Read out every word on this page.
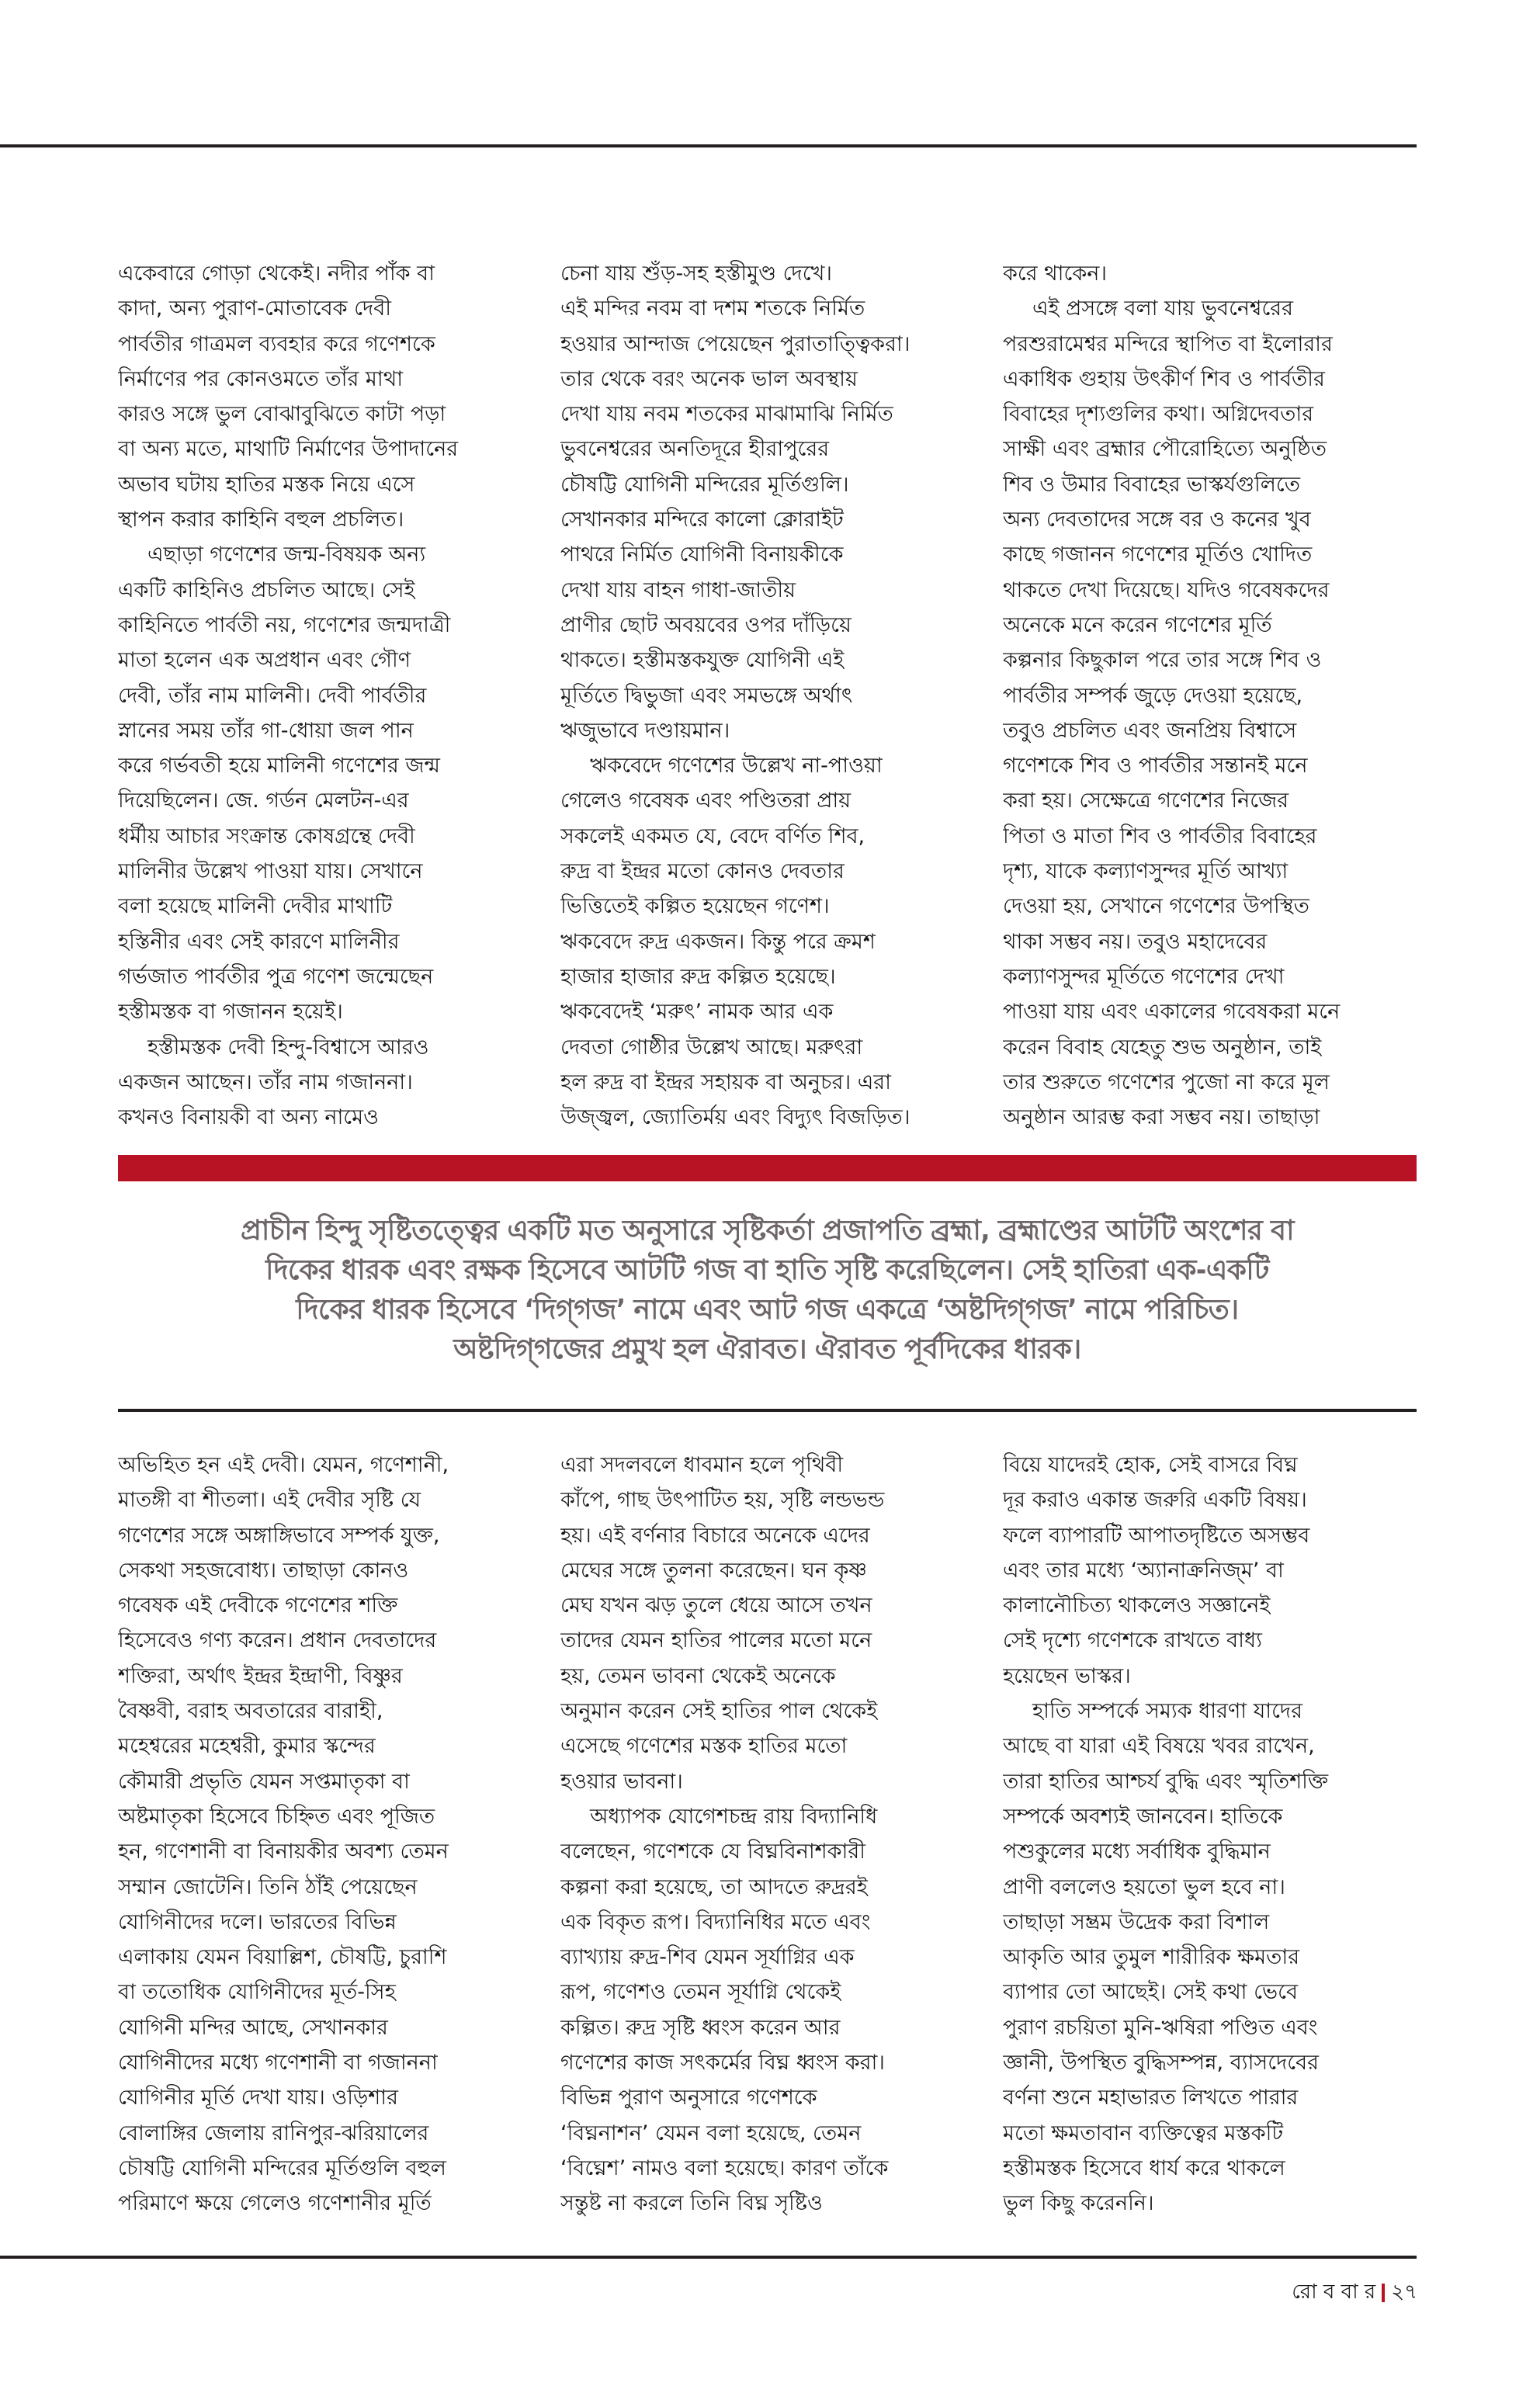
একেবারে গোড়া থেকেই। নদীর পাঁক বা
কাদা, অন্য পুরাণ-মোতাবেক দেবী
পার্বতীর গাত্রমল ব্যবহার করে গণেশকে
নির্মাণের পর কোনওমতে তাঁর মাথা
কারও সঙ্গে ভুল বোঝাবুঝিতে কাটা পড়া
বা অন্য মতে, মাথাটি নির্মাণের উপাদানের
অভাব ঘটায় হাতির মস্তক নিয়ে এসে
স্থাপন করার কাহিনি বহুল প্রচলিত।
এছাড়া গণেশের জন্ম-বিষয়ক অন্য
একটি কাহিনিও প্রচলিত আছে। সেই
কাহিনিতে পার্বতী নয়, গণেশের জন্মদাত্রী
মাতা হলেন এক অপ্রধান এবং গৌণ
দেবী, তাঁর নাম মালিনী। দেবী পার্বতীর
স্নানের সময় তাঁর গা-ধোয়া জল পান
করে গর্ভবতী হয়ে মালিনী গণেশের জন্ম
দিয়েছিলেন। জে. গর্ডন মেলটন-এর
ধর্মীয় আচার সংক্রান্ত কোষগ্রন্থে দেবী
মালিনীর উল্লেখ পাওয়া যায়। সেখানে
বলা হয়েছে মালিনী দেবীর মাথাটি
হস্তিনীর এবং সেই কারণে মালিনীর
গর্ভজাত পার্বতীর পুত্র গণেশ জন্মেছেন
হস্তীমস্তক বা গজানন হয়েই।
হস্তীমস্তক দেবী হিন্দু-বিশ্বাসে আরও
একজন আছেন। তাঁর নাম গজাননা।
কখনও বিনায়কী বা অন্য নামেও
চেনা যায় শুঁড়-সহ হস্তীমুণ্ড দেখে।
এই মন্দির নবম বা দশম শতকে নির্মিত
হওয়ার আন্দাজ পেয়েছেন পুরাতাত্ত্বিকরা।
তার থেকে বরং অনেক ভাল অবস্থায়
দেখা যায় নবম শতকের মাঝামাঝি নির্মিত
ভুবনেশ্বরের অনতিদূরে হীরাপুরের
চৌষট্টি যোগিনী মন্দিরের মূর্তিগুলি।
সেখানকার মন্দিরে কালো ক্লোরাইট
পাথরে নির্মিত যোগিনী বিনায়কীকে
দেখা যায় বাহন গাধা-জাতীয়
প্রাণীর ছোট অবয়বের ওপর দাঁড়িয়ে
থাকতে। হস্তীমস্তকযুক্ত যোগিনী এই
মূর্তিতে দ্বিভুজা এবং সমভঙ্গে অর্থাৎ
ঋজুভাবে দণ্ডায়মান।
ঋকবেদে গণেশের উল্লেখ না-পাওয়া
গেলেও গবেষক এবং পণ্ডিতরা প্রায়
সকলেই একমত যে, বেদে বর্ণিত শিব,
রুদ্র বা ইন্দ্রর মতো কোনও দেবতার
ভিত্তিতেই কল্পিত হয়েছেন গণেশ।
ঋকবেদে রুদ্র একজন। কিন্তু পরে ক্রমশ
হাজার হাজার রুদ্র কল্পিত হয়েছে।
ঋকবেদেই ‘মরুৎ’ নামক আর এক
দেবতা গোষ্ঠীর উল্লেখ আছে। মরুৎরা
হল রুদ্র বা ইন্দ্রর সহায়ক বা অনুচর। এরা
উজ্জ্বল, জ্যোতির্ময় এবং বিদ্যুৎ বিজড়িত।
করে থাকেন।
এই প্রসঙ্গে বলা যায় ভুবনেশ্বরের
পরশুরামেশ্বর মন্দিরে স্থাপিত বা ইলোরার
একাধিক গুহায় উৎকীর্ণ শিব ও পার্বতীর
বিবাহের দৃশ্যগুলির কথা। অগ্নিদেবতার
সাক্ষী এবং ব্রহ্মার পৌরোহিত্যে অনুষ্ঠিত
শিব ও উমার বিবাহের ভাস্কর্যগুলিতে
অন্য দেবতাদের সঙ্গে বর ও কনের খুব
কাছে গজানন গণেশের মূর্তিও খোদিত
থাকতে দেখা দিয়েছে। যদিও গবেষকদের
অনেকে মনে করেন গণেশের মূর্তি
কল্পনার কিছুকাল পরে তার সঙ্গে শিব ও
পার্বতীর সম্পর্ক জুড়ে দেওয়া হয়েছে,
তবুও প্রচলিত এবং জনপ্রিয় বিশ্বাসে
গণেশকে শিব ও পার্বতীর সন্তানই মনে
করা হয়। সেক্ষেত্রে গণেশের নিজের
পিতা ও মাতা শিব ও পার্বতীর বিবাহের
দৃশ্য, যাকে কল্যাণসুন্দর মূর্তি আখ্যা
দেওয়া হয়, সেখানে গণেশের উপস্থিত
থাকা সম্ভব নয়। তবুও মহাদেবের
কল্যাণসুন্দর মূর্তিতে গণেশের দেখা
পাওয়া যায় এবং একালের গবেষকরা মনে
করেন বিবাহ যেহেতু শুভ অনুষ্ঠান, তাই
তার শুরুতে গণেশের পুজো না করে মূল
অনুষ্ঠান আরম্ভ করা সম্ভব নয়। তাছাড়া
প্রাচীন হিন্দু সৃষ্টিতত্ত্বের একটি মত অনুসারে সৃষ্টিকর্তা প্রজাপতি ব্রহ্মা, ব্রহ্মাণ্ডের আটটি অংশের বা
দিকের ধারক এবং রক্ষক হিসেবে আটটি গজ বা হাতি সৃষ্টি করেছিলেন। সেই হাতিরা এক-একটি
দিকের ধারক হিসেবে ‘দিগ্‌গজ’ নামে এবং আট গজ একত্রে ‘অষ্টদিগ্‌গজ’ নামে পরিচিত।
অষ্টদিগ্‌গজের প্রমুখ হল ঐরাবত। ঐরাবত পূর্বদিকের ধারক।
অভিহিত হন এই দেবী। যেমন, গণেশানী,
মাতঙ্গী বা শীতলা। এই দেবীর সৃষ্টি যে
গণেশের সঙ্গে অঙ্গাঙ্গিভাবে সম্পর্ক যুক্ত,
সেকথা সহজবোধ্য। তাছাড়া কোনও
গবেষক এই দেবীকে গণেশের শক্তি
হিসেবেও গণ্য করেন। প্রধান দেবতাদের
শক্তিরা, অর্থাৎ ইন্দ্রর ইন্দ্রাণী, বিষ্ণুর
বৈষ্ণবী, বরাহ অবতারের বারাহী,
মহেশ্বরের মহেশ্বরী, কুমার স্কন্দের
কৌমারী প্রভৃতি যেমন সপ্তমাতৃকা বা
অষ্টমাতৃকা হিসেবে চিহ্নিত এবং পূজিত
হন, গণেশানী বা বিনায়কীর অবশ্য তেমন
সম্মান জোটেনি। তিনি ঠাঁই পেয়েছেন
যোগিনীদের দলে। ভারতের বিভিন্ন
এলাকায় যেমন বিয়াল্লিশ, চৌষট্টি, চুরাশি
বা ততোধিক যোগিনীদের মূর্ত-সিহ
যোগিনী মন্দির আছে, সেখানকার
যোগিনীদের মধ্যে গণেশানী বা গজাননা
যোগিনীর মূর্তি দেখা যায়। ওড়িশার
বোলাঙ্গির জেলায় রানিপুর-ঝরিয়ালের
চৌষট্টি যোগিনী মন্দিরের মূর্তিগুলি বহুল
পরিমাণে ক্ষয়ে গেলেও গণেশানীর মূর্তি
এরা সদলবলে ধাবমান হলে পৃথিবী
কাঁপে, গাছ উৎপাটিত হয়, সৃষ্টি লন্ডভন্ড
হয়। এই বর্ণনার বিচারে অনেকে এদের
মেঘের সঙ্গে তুলনা করেছেন। ঘন কৃষ্ণ
মেঘ যখন ঝড় তুলে ধেয়ে আসে তখন
তাদের যেমন হাতির পালের মতো মনে
হয়, তেমন ভাবনা থেকেই অনেকে
অনুমান করেন সেই হাতির পাল থেকেই
এসেছে গণেশের মস্তক হাতির মতো
হওয়ার ভাবনা।
অধ্যাপক যোগেশচন্দ্র রায় বিদ্যানিধি
বলেছেন, গণেশকে যে বিঘ্নবিনাশকারী
কল্পনা করা হয়েছে, তা আদতে রুদ্ররই
এক বিকৃত রূপ। বিদ্যানিধির মতে এবং
ব্যাখ্যায় রুদ্র-শিব যেমন সূর্যাগ্নির এক
রূপ, গণেশও তেমন সূর্যাগ্নি থেকেই
কল্পিত। রুদ্র সৃষ্টি ধ্বংস করেন আর
গণেশের কাজ সৎকর্মের বিঘ্ন ধ্বংস করা।
বিভিন্ন পুরাণ অনুসারে গণেশকে
‘বিঘ্ননাশন’ যেমন বলা হয়েছে, তেমন
‘বিঘ্নেশ’ নামও বলা হয়েছে। কারণ তাঁকে
সন্তুষ্ট না করলে তিনি বিঘ্ন সৃষ্টিও
বিয়ে যাদেরই হোক, সেই বাসরে বিঘ্ন
দূর করাও একান্ত জরুরি একটি বিষয়।
ফলে ব্যাপারটি আপাতদৃষ্টিতে অসম্ভব
এবং তার মধ্যে ‘অ্যানাক্রনিজ্‌ম’ বা
কালানৌচিত্য থাকলেও সজ্ঞানেই
সেই দৃশ্যে গণেশকে রাখতে বাধ্য
হয়েছেন ভাস্কর।
হাতি সম্পর্কে সম্যক ধারণা যাদের
আছে বা যারা এই বিষয়ে খবর রাখেন,
তারা হাতির আশ্চর্য বুদ্ধি এবং স্মৃতিশক্তি
সম্পর্কে অবশ্যই জানবেন। হাতিকে
পশুকুলের মধ্যে সর্বাধিক বুদ্ধিমান
প্রাণী বললেও হয়তো ভুল হবে না।
তাছাড়া সম্ভ্রম উদ্রেক করা বিশাল
আকৃতি আর তুমুল শারীরিক ক্ষমতার
ব্যাপার তো আছেই। সেই কথা ভেবে
পুরাণ রচয়িতা মুনি-ঋষিরা পণ্ডিত এবং
জ্ঞানী, উপস্থিত বুদ্ধিসম্পন্ন, ব্যাসদেবের
বর্ণনা শুনে মহাভারত লিখতে পারার
মতো ক্ষমতাবান ব্যক্তিত্বের মস্তকটি
হস্তীমস্তক হিসেবে ধার্য করে থাকলে
ভুল কিছু করেননি।
রো ব বা র ২৭
